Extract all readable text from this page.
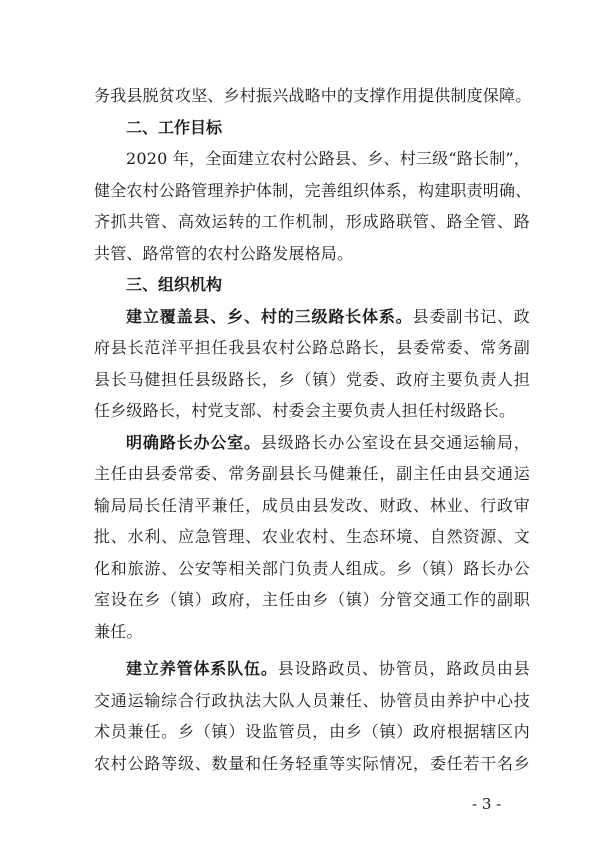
务我县脱贫攻坚、乡村振兴战略中的支撑作用提供制度保障。
二、工作目标
2020 年，全面建立农村公路县、乡、村三级“路长制”，
健全农村公路管理养护体制，完善组织体系，构建职责明确、
齐抓共管、高效运转的工作机制，形成路联管、路全管、路
共管、路常管的农村公路发展格局。
三、组织机构
建立覆盖县、乡、村的三级路长体系。县委副书记、政
府县长范洋平担任我县农村公路总路长，县委常委、常务副
县长马健担任县级路长，乡（镇）党委、政府主要负责人担
任乡级路长，村党支部、村委会主要负责人担任村级路长。
明确路长办公室。县级路长办公室设在县交通运输局，
主任由县委常委、常务副县长马健兼任，副主任由县交通运
输局局长任清平兼任，成员由县发改、财政、林业、行政审
批、水利、应急管理、农业农村、生态环境、自然资源、文
化和旅游、公安等相关部门负责人组成。乡（镇）路长办公
室设在乡（镇）政府，主任由乡（镇）分管交通工作的副职
兼任。
建立养管体系队伍。县设路政员、协管员，路政员由县
交通运输综合行政执法大队人员兼任、协管员由养护中心技
术员兼任。乡（镇）设监管员，由乡（镇）政府根据辖区内
农村公路等级、数量和任务轻重等实际情况，委任若干名乡
- 3 -
